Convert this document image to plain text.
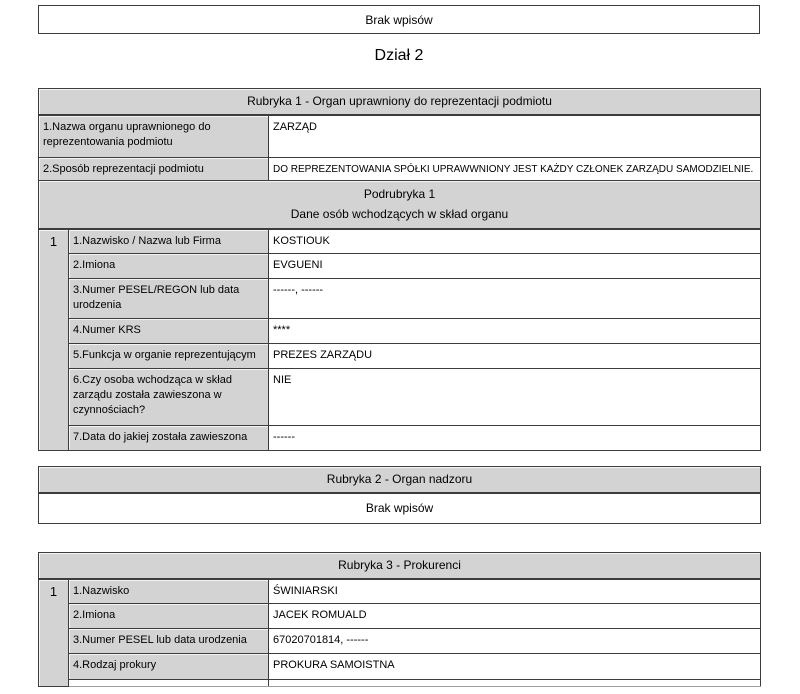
Brak wpisów
Dział 2
Rubryka 1 - Organ uprawniony do reprezentacji podmiotu		
1.Nazwa organu uprawnionego do reprezentowania podmiotu		ZARZĄD
2.Sposób reprezentacji podmiotu		DO REPREZENTOWANIA SPÓŁKI UPRAWWNIONY JEST KAŻDY CZŁONEK ZARZĄDU SAMODZIELNIE.

Podrubryka 1
Dane osób wchodzących w skład organu		

1	1.Nazwisko / Nazwa lub Firma	KOSTIOUK
	2.Imiona	EVGUENI
	3.Numer PESEL/REGON lub data urodzenia	------, ------
	4.Numer KRS	****
	5.Funkcja w organie reprezentującym	PREZES ZARZĄDU
	6.Czy osoba wchodząca w skład zarządu została zawieszona w czynnościach?	NIE
	7.Data do jakiej została zawieszona	------
Rubryka 2 - Organ nadzoru
Brak wpisów
Rubryka 3 - Prokurenci		
1	1.Nazwisko	ŚWINIARSKI
	2.Imiona	JACEK ROMUALD
	3.Numer PESEL lub data urodzenia	67020701814, ------
	4.Rodzaj prokury	PROKURA SAMOISTNA
